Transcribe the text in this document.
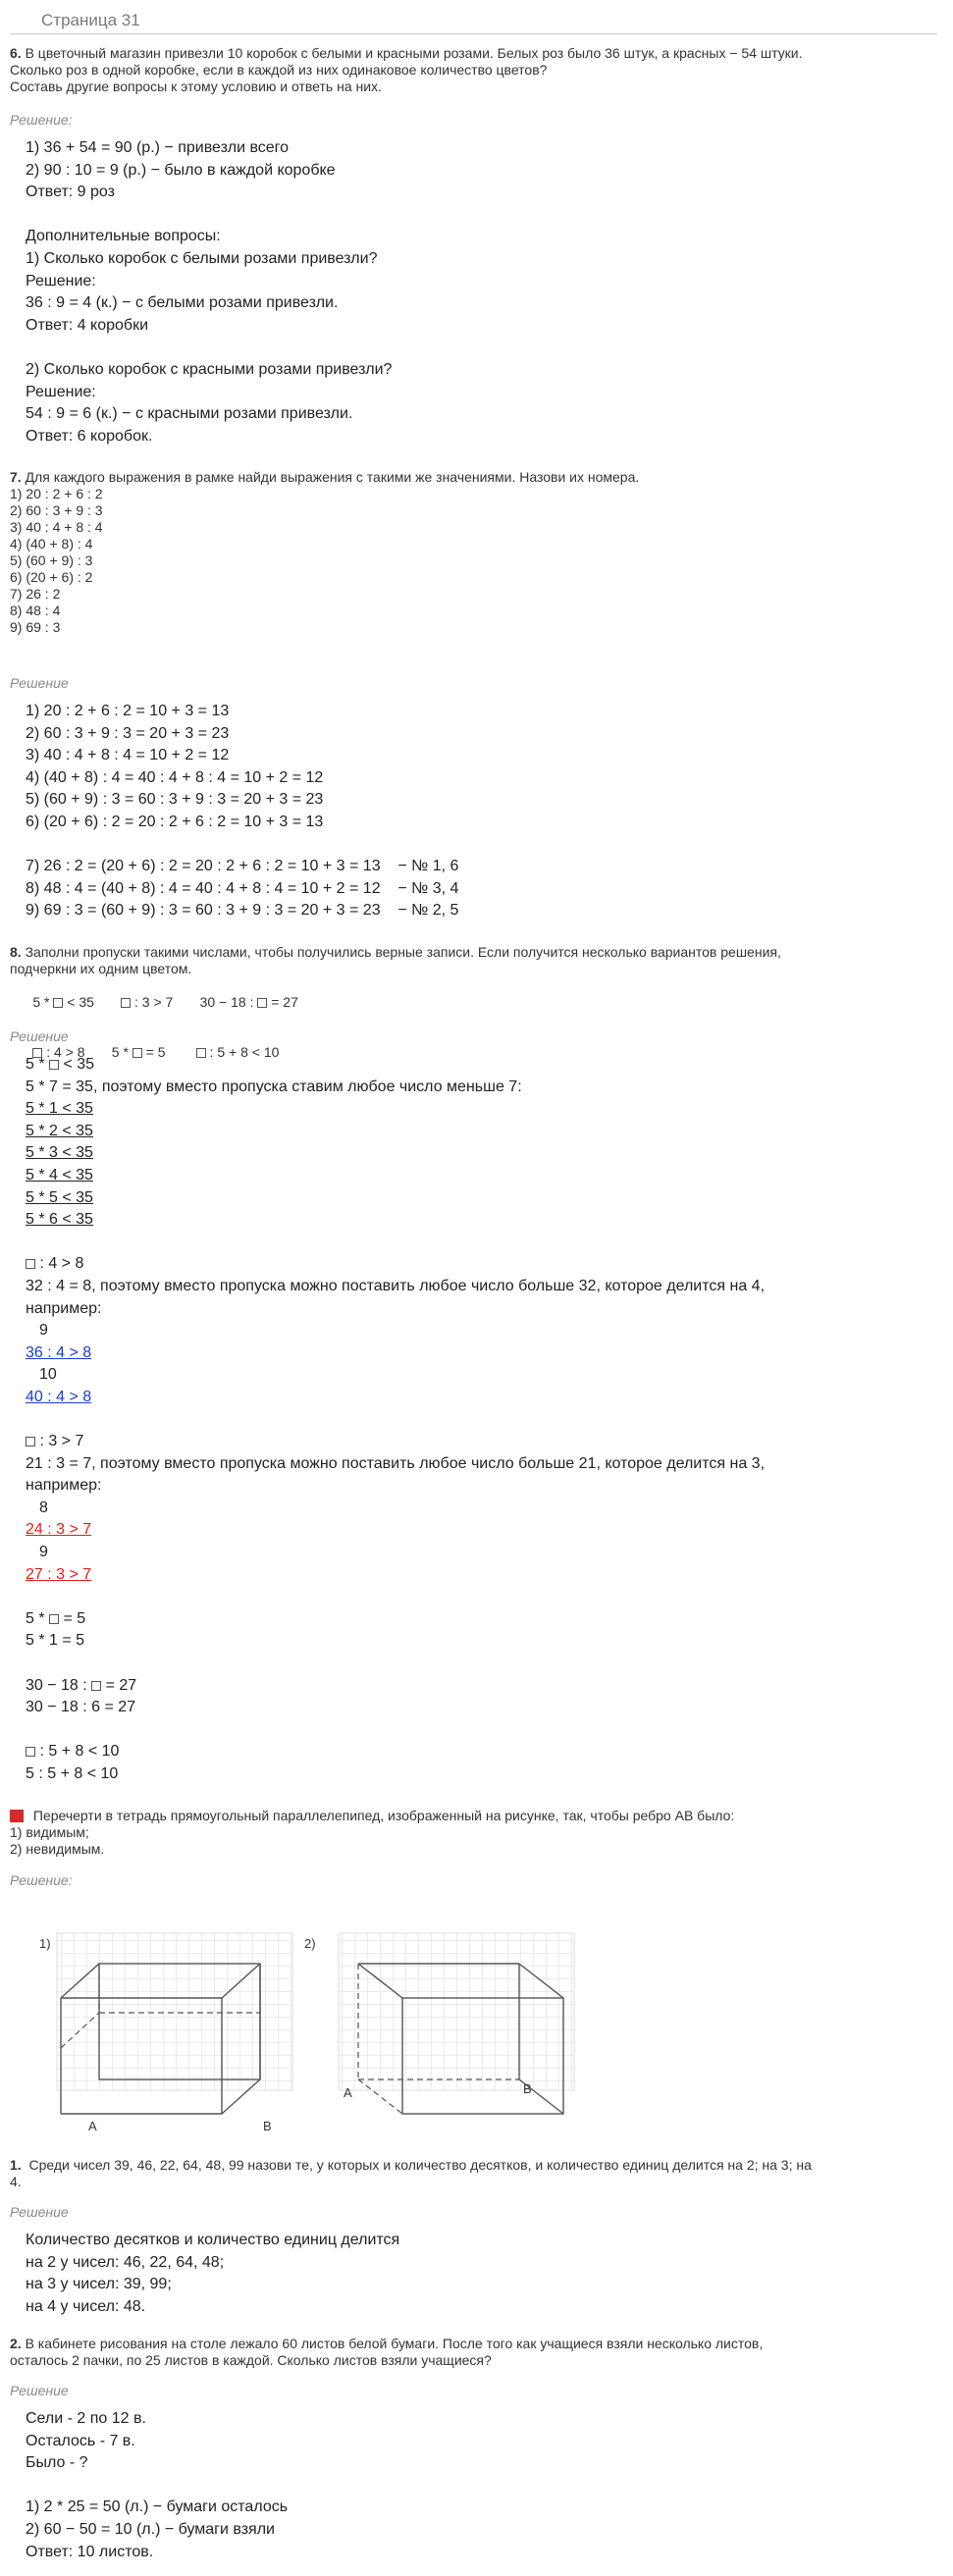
Страница 31
6. В цветочный магазин привезли 10 коробок с белыми и красными розами. Белых роз было 36 штук, а красных − 54 штуки.
Сколько роз в одной коробке, если в каждой из них одинаковое количество цветов?
Составь другие вопросы к этому условию и ответь на них.
Решение:
1) 36 + 54 = 90 (р.) − привезли всего
2) 90 : 10 = 9 (р.) − было в каждой коробке
Ответ: 9 роз
Дополнительные вопросы:
1) Сколько коробок с белыми розами привезли?
Решение:
36 : 9 = 4 (к.) − с белыми розами привезли.
Ответ: 4 коробки
2) Сколько коробок с красными розами привезли?
Решение:
54 : 9 = 6 (к.) − с красными розами привезли.
Ответ: 6 коробок.
7. Для каждого выражения в рамке найди выражения с такими же значениями. Назови их номера.
1) 20 : 2 + 6 : 2
2) 60 : 3 + 9 : 3
3) 40 : 4 + 8 : 4
4) (40 + 8) : 4
5) (60 + 9) : 3
6) (20 + 6) : 2
7) 26 : 2
8) 48 : 4
9) 69 : 3
Решение
1) 20 : 2 + 6 : 2 = 10 + 3 = 13
2) 60 : 3 + 9 : 3 = 20 + 3 = 23
3) 40 : 4 + 8 : 4 = 10 + 2 = 12
4) (40 + 8) : 4 = 40 : 4 + 8 : 4 = 10 + 2 = 12
5) (60 + 9) : 3 = 60 : 3 + 9 : 3 = 20 + 3 = 23
6) (20 + 6) : 2 = 20 : 2 + 6 : 2 = 10 + 3 = 13
7) 26 : 2 = (20 + 6) : 2 = 20 : 2 + 6 : 2 = 10 + 3 = 13    − № 1, 6
8) 48 : 4 = (40 + 8) : 4 = 40 : 4 + 8 : 4 = 10 + 2 = 12    − № 3, 4
9) 69 : 3 = (60 + 9) : 3 = 60 : 3 + 9 : 3 = 20 + 3 = 23    − № 2, 5
8. Заполни пропуски такими числами, чтобы получились верные записи. Если получится несколько вариантов решения,
подчеркни их одним цветом.

5 *  < 35	: 3 > 7 30 − 18 :  = 27

: 4 > 8 5 *  = 5	: 5 + 8 < 10

Решение
5 *  < 35
5 * 7 = 35, поэтому вместо пропуска ставим любое число меньше 7:
5 * 1 < 35
5 * 2 < 35
5 * 3 < 35
5 * 4 < 35
5 * 5 < 35
5 * 6 < 35
: 4 > 8
32 : 4 = 8, поэтому вместо пропуска можно поставить любое число больше 32, которое делится на 4,
например:
9
36 : 4 > 8
10
40 : 4 > 8
: 3 > 7
21 : 3 = 7, поэтому вместо пропуска можно поставить любое число больше 21, которое делится на 3,
например:
8
24 : 3 > 7
9
27 : 3 > 7
5 *  = 5
5 * 1 = 5
30 − 18 :  = 27
30 − 18 : 6 = 27
: 5 + 8 < 10
5 : 5 + 8 < 10
Перечерти в тетрадь прямоугольный параллелепипед, изображенный на рисунке, так, чтобы ребро AB было:
1) видимым;
2) невидимым.
Решение:
1)
A	B
2)
A	B
1.  Среди чисел 39, 46, 22, 64, 48, 99 назови те, у которых и количество десятков, и количество единиц делится на 2; на 3; на
4.
Решение
Количество десятков и количество единиц делится
на 2 у чисел: 46, 22, 64, 48;
на 3 у чисел: 39, 99;
на 4 у чисел: 48.
2. В кабинете рисования на столе лежало 60 листов белой бумаги. После того как учащиеся взяли несколько листов,
осталось 2 пачки, по 25 листов в каждой. Сколько листов взяли учащиеся?
Решение
Сели - 2 по 12 в.
Осталось - 7 в.
Было - ?
1) 2 * 25 = 50 (л.) − бумаги осталось
2) 60 − 50 = 10 (л.) − бумаги взяли
Ответ: 10 листов.
